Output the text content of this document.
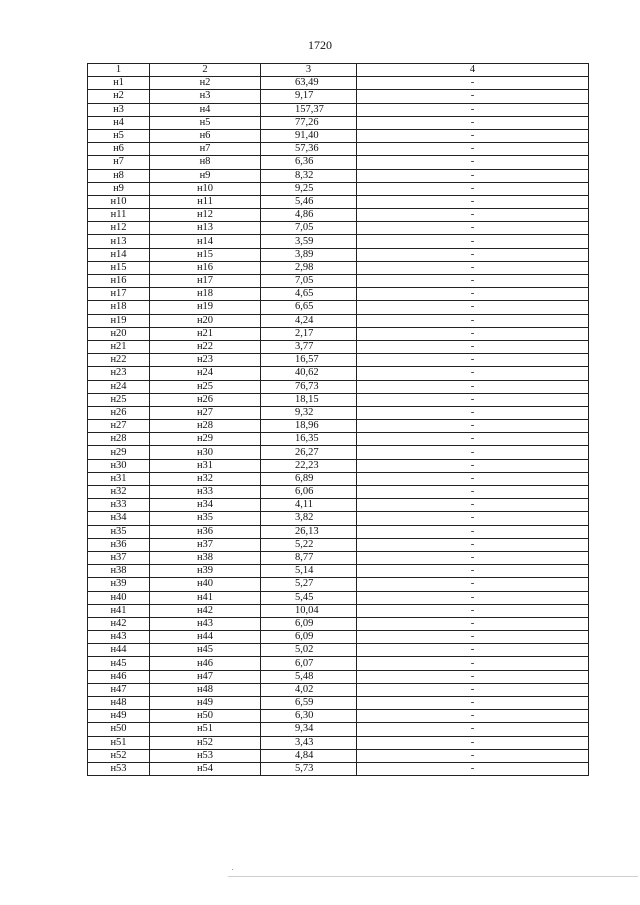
1720
1	2	3	4
н1	н2	63,49	-
н2	н3	9,17	-
н3	н4	157,37	-
н4	н5	77,26	-
н5	н6	91,40	-
н6	н7	57,36	-
н7	н8	6,36	-
н8	н9	8,32	-
н9	н10	9,25	-
н10	н11	5,46	-
н11	н12	4,86	-
н12	н13	7,05	-
н13	н14	3,59	-
н14	н15	3,89	-
н15	н16	2,98	-
н16	н17	7,05	-
н17	н18	4,65	-
н18	н19	6,65	-
н19	н20	4,24	-
н20	н21	2,17	-
н21	н22	3,77	-
н22	н23	16,57	-
н23	н24	40,62	-
н24	н25	76,73	-
н25	н26	18,15	-
н26	н27	9,32	-
н27	н28	18,96	-
н28	н29	16,35	-
н29	н30	26,27	-
н30	н31	22,23	-
н31	н32	6,89	-
н32	н33	6,06	-
н33	н34	4,11	-
н34	н35	3,82	-
н35	н36	26,13	-
н36	н37	5,22	-
н37	н38	8,77	-
н38	н39	5,14	-
н39	н40	5,27	-
н40	н41	5,45	-
н41	н42	10,04	-
н42	н43	6,09	-
н43	н44	6,09	-
н44	н45	5,02	-
н45	н46	6,07	-
н46	н47	5,48	-
н47	н48	4,02	-
н48	н49	6,59	-
н49	н50	6,30	-
н50	н51	9,34	-
н51	н52	3,43	-
н52	н53	4,84	-
н53	н54	5,73	-
